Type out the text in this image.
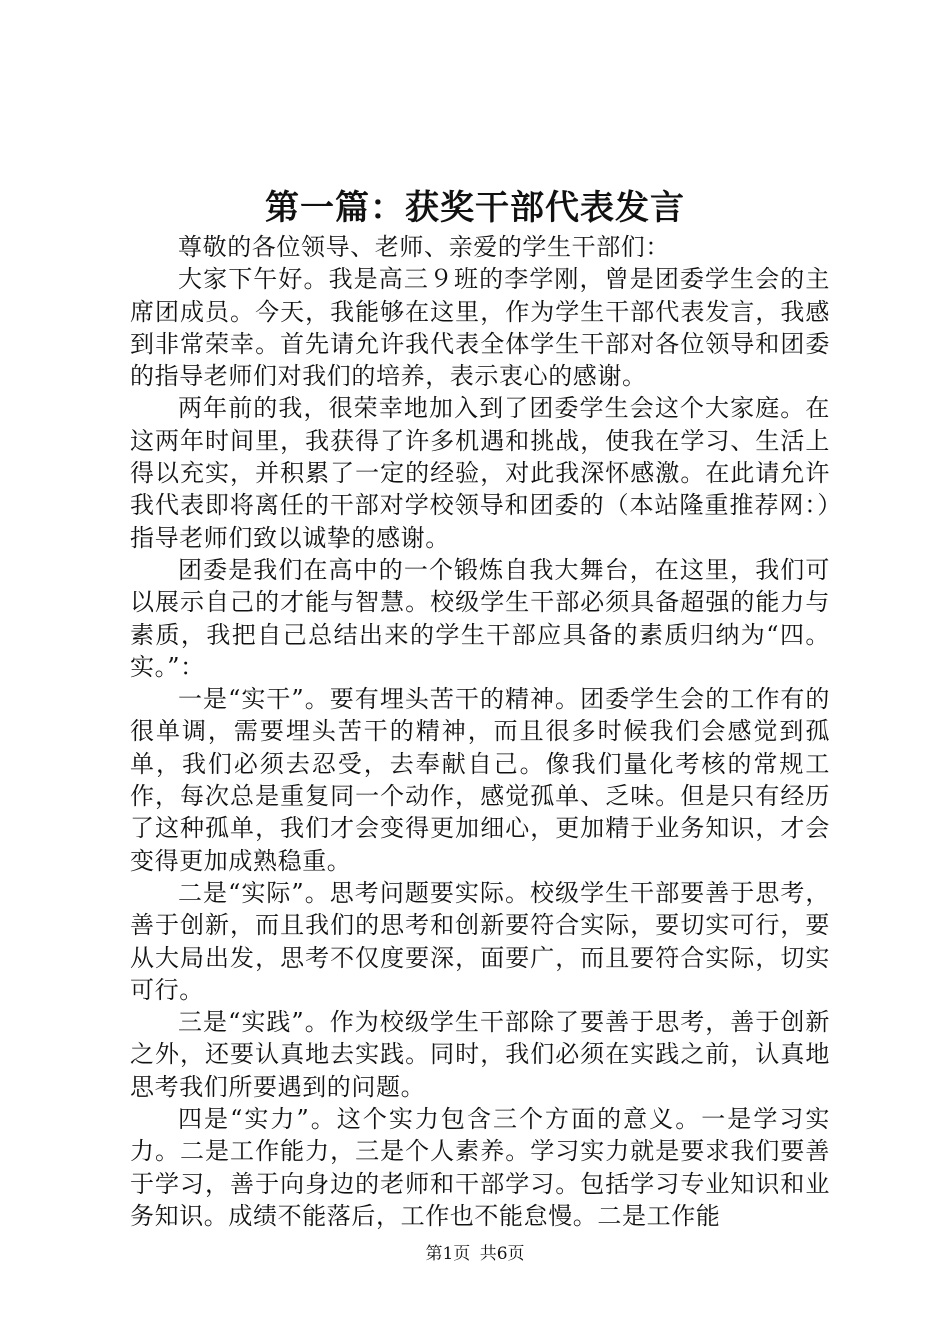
第一篇：获奖干部代表发言

尊敬的各位领导、老师、亲爱的学生干部们：

大家下午好。我是高三９班的李学刚，曾是团委学生会的主席团成员。今天，我能够在这里，作为学生干部代表发言，我感到非常荣幸。首先请允许我代表全体学生干部对各位领导和团委的指导老师们对我们的培养，表示衷心的感谢。

两年前的我，很荣幸地加入到了团委学生会这个大家庭。在这两年时间里，我获得了许多机遇和挑战，使我在学习、生活上得以充实，并积累了一定的经验，对此我深怀感激。在此请允许我代表即将离任的干部对学校领导和团委的（本站隆重推荐网：）指导老师们致以诚挚的感谢。

团委是我们在高中的一个锻炼自我大舞台，在这里，我们可以展示自己的才能与智慧。校级学生干部必须具备超强的能力与素质，我把自己总结出来的学生干部应具备的素质归纳为“四。实。”：

一是“实干”。要有埋头苦干的精神。团委学生会的工作有的很单调，需要埋头苦干的精神，而且很多时候我们会感觉到孤单，我们必须去忍受，去奉献自己。像我们量化考核的常规工作，每次总是重复同一个动作，感觉孤单、乏味。但是只有经历了这种孤单，我们才会变得更加细心，更加精于业务知识，才会变得更加成熟稳重。

二是“实际”。思考问题要实际。校级学生干部要善于思考，善于创新，而且我们的思考和创新要符合实际，要切实可行，要从大局出发，思考不仅度要深，面要广，而且要符合实际，切实可行。

三是“实践”。作为校级学生干部除了要善于思考，善于创新之外，还要认真地去实践。同时，我们必须在实践之前，认真地思考我们所要遇到的问题。

四是“实力”。这个实力包含三个方面的意义。一是学习实力。二是工作能力，三是个人素养。学习实力就是要求我们要善于学习，善于向身边的老师和干部学习。包括学习专业知识和业务知识。成绩不能落后，工作也不能怠慢。二是工作能

第1页 共6页
